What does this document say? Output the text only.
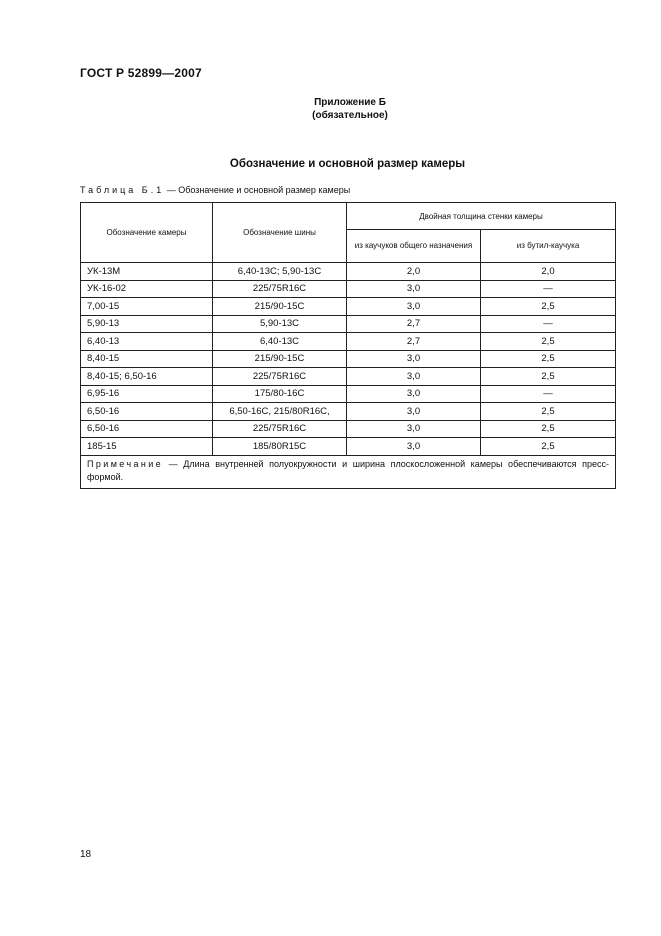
ГОСТ Р 52899—2007
Приложение Б
(обязательное)
Обозначение и основной размер камеры
Таблица Б.1 — Обозначение и основной размер камеры
Обозначение камеры	Обозначение шины	Двойная толщина стенки камеры	
		из каучуков общего назначения	из бутил-каучука
УК-13М	6,40-13С; 5,90-13С	2,0	2,0
УК-16-02	225/75R16С	3,0	—
7,00-15	215/90-15С	3,0	2,5
5,90-13	5,90-13С	2,7	—
6,40-13	6,40-13С	2,7	2,5
8,40-15	215/90-15С	3,0	2,5
8,40-15; 6,50-16	225/75R16С	3,0	2,5
6,95-16	175/80-16С	3,0	—
6,50-16	6,50-16С, 215/80R16С,	3,0	2,5
6,50-16	225/75R16С	3,0	2,5
185-15	185/80R15С	3,0	2,5
Примечание — Длина внутренней полуокружности и ширина плоскосложенной камеры обеспечиваются пресс-формой.			
18
